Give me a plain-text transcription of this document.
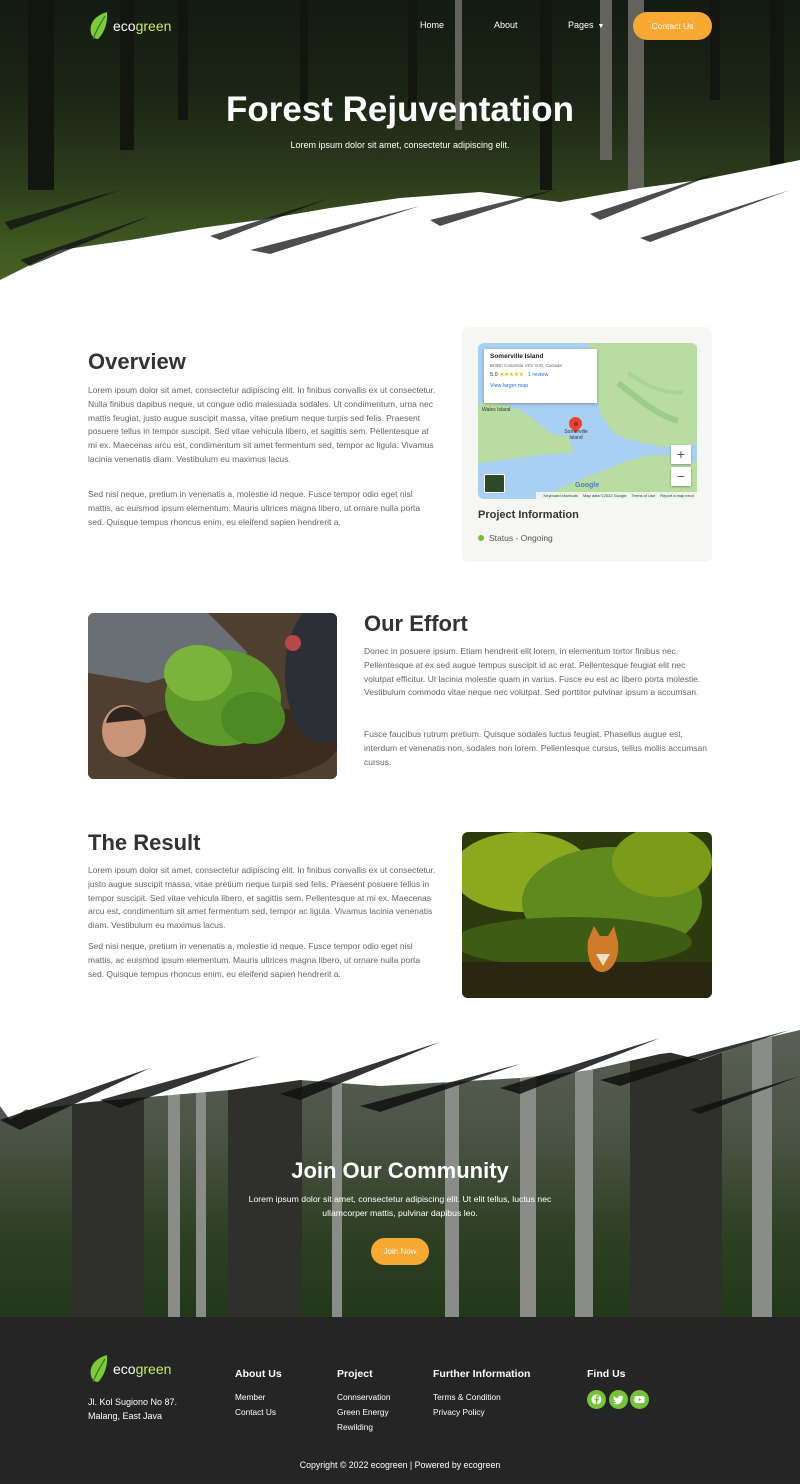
ecogreen	Home	About	Pages ▼	Contact Us
Forest Rejuventation

Lorem ipsum dolor sit amet, consectetur adipiscing elit.

Overview

Lorem ipsum dolor sit amet, consectetur adipiscing elit. In finibus convallis ex ut consectetur. Nulla finibus dapibus neque, ut congue odio malesuada sodales. Ut condimentum, urna nec mattis feugiat, justo augue suscipit massa, vitae pretium neque turpis sed felis. Praesent posuere tellus in tempor suscipit. Sed vitae vehicula libero, et sagittis sem. Pellentesque at mi ex. Maecenas arcu est, condimentum sit amet fermentum sed, tempor ac ligula. Vivamus lacinia venenatis diam. Vestibulum eu maximus lacus.

Sed nisi neque, pretium in venenatis a, molestie id neque. Fusce tempor odio eget nisl mattis, ac euismod ipsum elementum. Mauris ultrices magna libero, ut ornare nulla porta sed. Quisque tempus rhoncus enim, eu eleifend sapien hendrerit a.

Somerville Island
British Columbia V0V 1H0, Canada
5.0 ★★★★★ 1 review
View larger map
Wales Island
Somerville Island
+
−
Google
Keyboard shortcuts Map data ©2022 Google Terms of Use Report a map error
Project Information
Status - Ongoing
Our Effort

Donec in posuere ipsum. Etiam hendrerit elit lorem, in elementum tortor finibus nec. Pellentesque at ex sed augue tempus suscipit id ac erat. Pellentesque feugiat elit nec volutpat efficitur. Ut lacinia molestie quam in varius. Fusce eu est ac libero porta molestie. Vestibulum commodo vitae neque nec volutpat. Sed porttitor pulvinar ipsum a accumsan.

Fusce faucibus rutrum pretium. Quisque sodales luctus feugiat. Phasellus augue est, interdum et venenatis non, sodales non lorem. Pellentesque cursus, tellus mollis accumsan cursus.

The Result

Lorem ipsum dolor sit amet, consectetur adipiscing elit. In finibus convallis ex ut consectetur. justo augue suscipit massa, vitae pretium neque turpis sed felis. Praesent posuere tellus in tempor suscipit. Sed vitae vehicula libero, et sagittis sem. Pellentesque at mi ex. Maecenas arcu est, condimentum sit amet fermentum sed, tempor ac ligula. Vivamus lacinia venenatis diam. Vestibulum eu maximus lacus.

Sed nisi neque, pretium in venenatis a, molestie id neque. Fusce tempor odio eget nisl mattis, ac euismod ipsum elementum. Mauris ultrices magna libero, ut ornare nulla porta sed. Quisque tempus rhoncus enim, eu eleifend sapien hendrerit a.

Join Our Community

Lorem ipsum dolor sit amet, consectetur adipiscing elit. Ut elit tellus, luctus nec ullamcorper mattis, pulvinar dapibus leo.

Join Now
ecogreen

Jl. Kol Sugiono No 87. Malang, East Java

About Us
Member
Contact Us
Project
Connservation
Green Energy
Rewilding
Further Information
Terms & Condition
Privacy Policy
Find Us

Copyright © 2022 ecogreen | Powered by ecogreen
